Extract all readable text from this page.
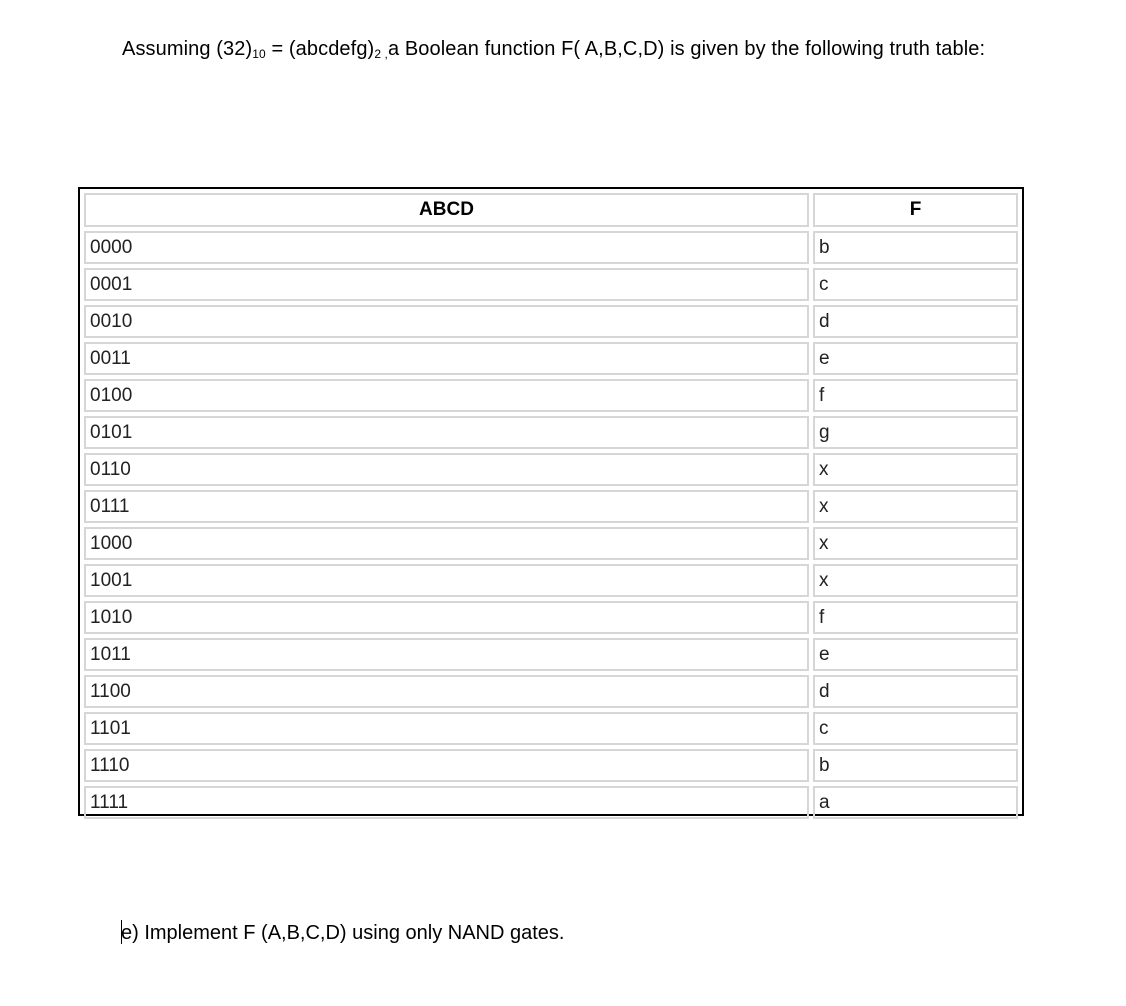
Assuming $(32)_{10}$ = $(abcdefg)_{2 ,}a$ Boolean function F( A,B,C,D) is given by the following truth table:
ABCD	F
0000	b
0001	c
0010	d
0011	e
0100	f
0101	g
0110	x
0111	x
1000	x
1001	x
1010	f
1011	e
1100	d
1101	c
1110	b
1111	a
e) Implement F (A,B,C,D) using only NAND gates.
